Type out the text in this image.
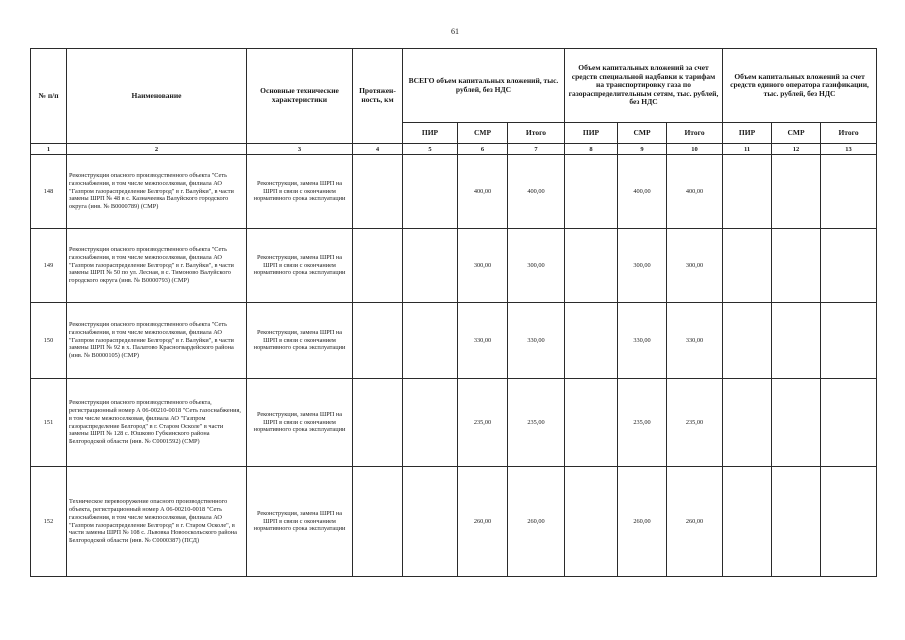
61
№ п/п	Наименование	Основные технические характеристики	Протяжен-ность, км	ВСЕГО объем капитальных вложений, тыс. рублей, без НДС			Объем капитальных вложений за счет средств специальной надбавки к тарифам на транспортировку газа по газораспределительным сетям, тыс. рублей, без НДС			Объем капитальных вложений за счет средств единого оператора газификации, тыс. рублей, без НДС		
				ПИР	СМР	Итого	ПИР	СМР	Итого	ПИР	СМР	Итого
1	2	3	4	5	6	7	8	9	10	11	12	13
148	Реконструкция опасного производственного объекта "Сеть газоснабжения, в том числе межпоселковая, филиала АО "Газпром газораспределение Белгород" в г. Валуйки", в части замены ШРП № 48 в с. Казначеевка Валуйского городского округа (инв. № В0000789) (СМР)	Реконструкция, замена ШРП на ШРП в связи с окончанием нормативного срока эксплуатации			400,00	400,00		400,00	400,00			
149	Реконструкция опасного производственного объекта "Сеть газоснабжения, в том числе межпоселковая, филиала АО "Газпром газораспределение Белгород" в г. Валуйки", в части замены ШРП № 50 по ул. Лесная, в с. Тимоново Валуйского городского округа (инв. № В0000793) (СМР)	Реконструкция, замена ШРП на ШРП в связи с окончанием нормативного срока эксплуатации			300,00	300,00		300,00	300,00			
150	Реконструкция опасного производственного объекта "Сеть газоснабжения, в том числе межпоселковая, филиала АО "Газпром газораспределение Белгород" в г. Валуйки", в части замены ШРП № 92 в х. Палатово Красногвардейского района (инв. № В0000105) (СМР)	Реконструкция, замена ШРП на ШРП в связи с окончанием нормативного срока эксплуатации			330,00	330,00		330,00	330,00			
151	Реконструкция опасного производственного объекта, регистрационный номер А 06-00210-0018 "Сеть газоснабжения, в том числе межпоселковая, филиала АО "Газпром газораспределение Белгород" в г. Старом Осколе" в части замены ШРП № 128 с. Юшково Губкинского района Белгородской области (инв. № С0001592) (СМР)	Реконструкция, замена ШРП на ШРП в связи с окончанием нормативного срока эксплуатации			235,00	235,00		235,00	235,00			
152	Техническое перевооружение опасного производственного объекта, регистрационный номер А 06-00210-0018 "Сеть газоснабжения, в том числе межпоселковая, филиала АО "Газпром газораспределение Белгород" в г. Старом Осколе", в части замены ШРП № 108 с. Львовка Новооскольского района Белгородской области (инв. № С0000387) (ПСД)	Реконструкция, замена ШРП на ШРП в связи с окончанием нормативного срока эксплуатации			260,00	260,00		260,00	260,00			
